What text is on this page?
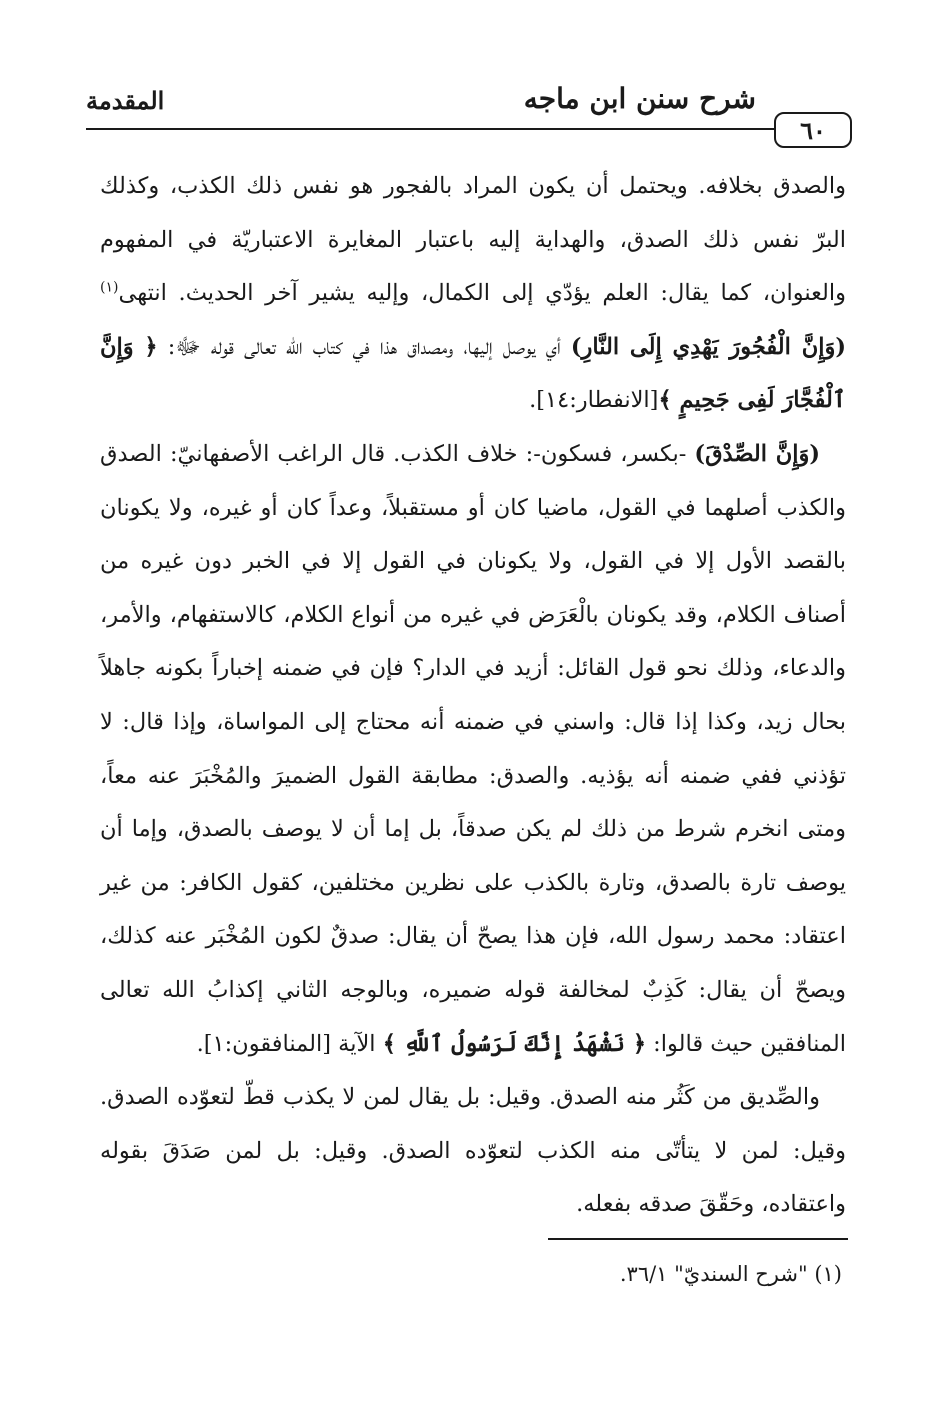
٦٠
شرح سنن ابن ماجه
المقدمة

والصدق بخلافه. ويحتمل أن يكون المراد بالفجور هو نفس ذلك الكذب، وكذلك البرّ نفس ذلك الصدق، والهداية إليه باعتبار المغايرة الاعتباريّة في المفهوم والعنوان، كما يقال: العلم يؤدّي إلى الكمال، وإليه يشير آخر الحديث. انتهى$^{(١)}$ (وَإِنَّ الْفُجُورَ يَهْدِي إِلَى النَّارِ) أي يوصل إليها، ومصداق هذا في كتاب الله تعالى قوله ﷻ: ﴿ وَإِنَّ ٱلْفُجَّارَ لَفِى جَحِيمٍ ﴾[الانفطار:١٤].

(وَإِنَّ الصِّدْقَ) -بكسر، فسكون-: خلاف الكذب. قال الراغب الأصفهانيّ: الصدق والكذب أصلهما في القول، ماضيا كان أو مستقبلاً، وعداً كان أو غيره، ولا يكونان بالقصد الأول إلا في القول، ولا يكونان في القول إلا في الخبر دون غيره من أصناف الكلام، وقد يكونان بالْعَرَض في غيره من أنواع الكلام، كالاستفهام، والأمر، والدعاء، وذلك نحو قول القائل: أزيد في الدار؟ فإن في ضمنه إخباراً بكونه جاهلاً بحال زيد، وكذا إذا قال: واسني في ضمنه أنه محتاج إلى المواساة، وإذا قال: لا تؤذني ففي ضمنه أنه يؤذيه. والصدق: مطابقة القول الضميرَ والمُخْبَرَ عنه معاً، ومتى انخرم شرط من ذلك لم يكن صدقاً، بل إما أن لا يوصف بالصدق، وإما أن يوصف تارة بالصدق، وتارة بالكذب على نظرين مختلفين، كقول الكافر: من غير اعتقاد: محمد رسول الله، فإن هذا يصحّ أن يقال: صدقٌ لكون المُخْبَر عنه كذلك، ويصحّ أن يقال: كَذِبٌ لمخالفة قوله ضميره، وبالوجه الثاني إكذابُ الله تعالى المنافقين حيث قالوا: ﴿ نَشْهَدُ إِنَّكَ لَرَسُولُ ٱللَّهِ ﴾ الآية [المنافقون:١].

والصِّديق من كَثُر منه الصدق. وقيل: بل يقال لمن لا يكذب قطّ لتعوّده الصدق. وقيل: لمن لا يتأتّى منه الكذب لتعوّده الصدق. وقيل: بل لمن صَدَقَ بقوله واعتقاده، وحَقّقَ صدقه بفعله.

(١) "شرح السنديّ" ٣٦/١.
